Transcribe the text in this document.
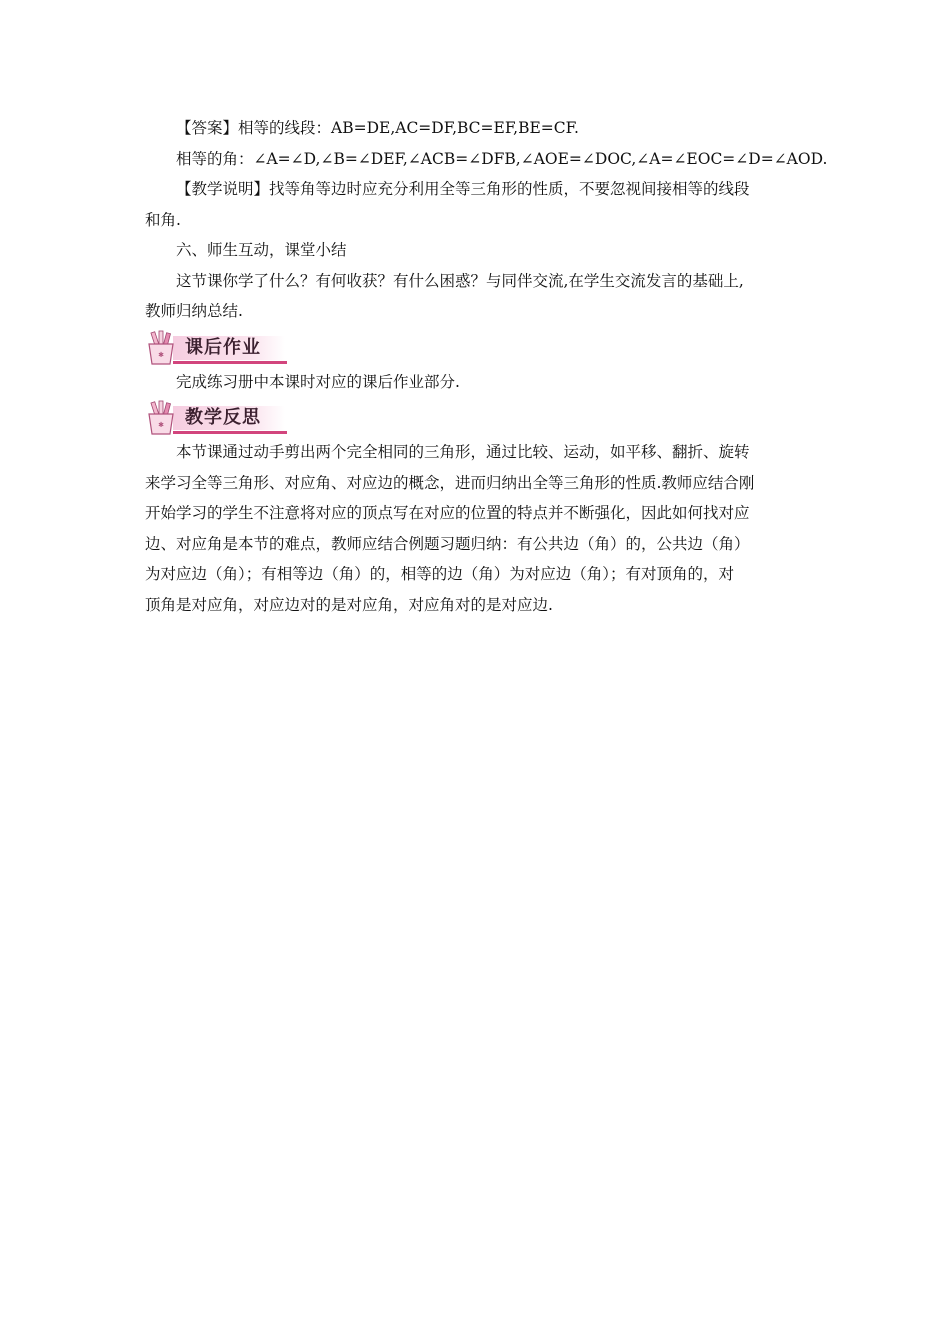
【答案】相等的线段：AB=DE,AC=DF,BC=EF,BE=CF.

相等的角：∠A=∠D,∠B=∠DEF,∠ACB=∠DFB,∠AOE=∠DOC,∠A=∠EOC=∠D=∠AOD.

【教学说明】找等角等边时应充分利用全等三角形的性质，不要忽视间接相等的线段

和角.

六、师生互动，课堂小结

这节课你学了什么？有何收获？有什么困惑？与同伴交流,在学生交流发言的基础上,

教师归纳总结.

✱ 课后作业

完成练习册中本课时对应的课后作业部分.

✱ 教学反思

本节课通过动手剪出两个完全相同的三角形，通过比较、运动，如平移、翻折、旋转

来学习全等三角形、对应角、对应边的概念，进而归纳出全等三角形的性质.教师应结合刚

开始学习的学生不注意将对应的顶点写在对应的位置的特点并不断强化，因此如何找对应

边、对应角是本节的难点，教师应结合例题习题归纳：有公共边（角）的，公共边（角）

为对应边（角）；有相等边（角）的，相等的边（角）为对应边（角）；有对顶角的，对

顶角是对应角，对应边对的是对应角，对应角对的是对应边.
